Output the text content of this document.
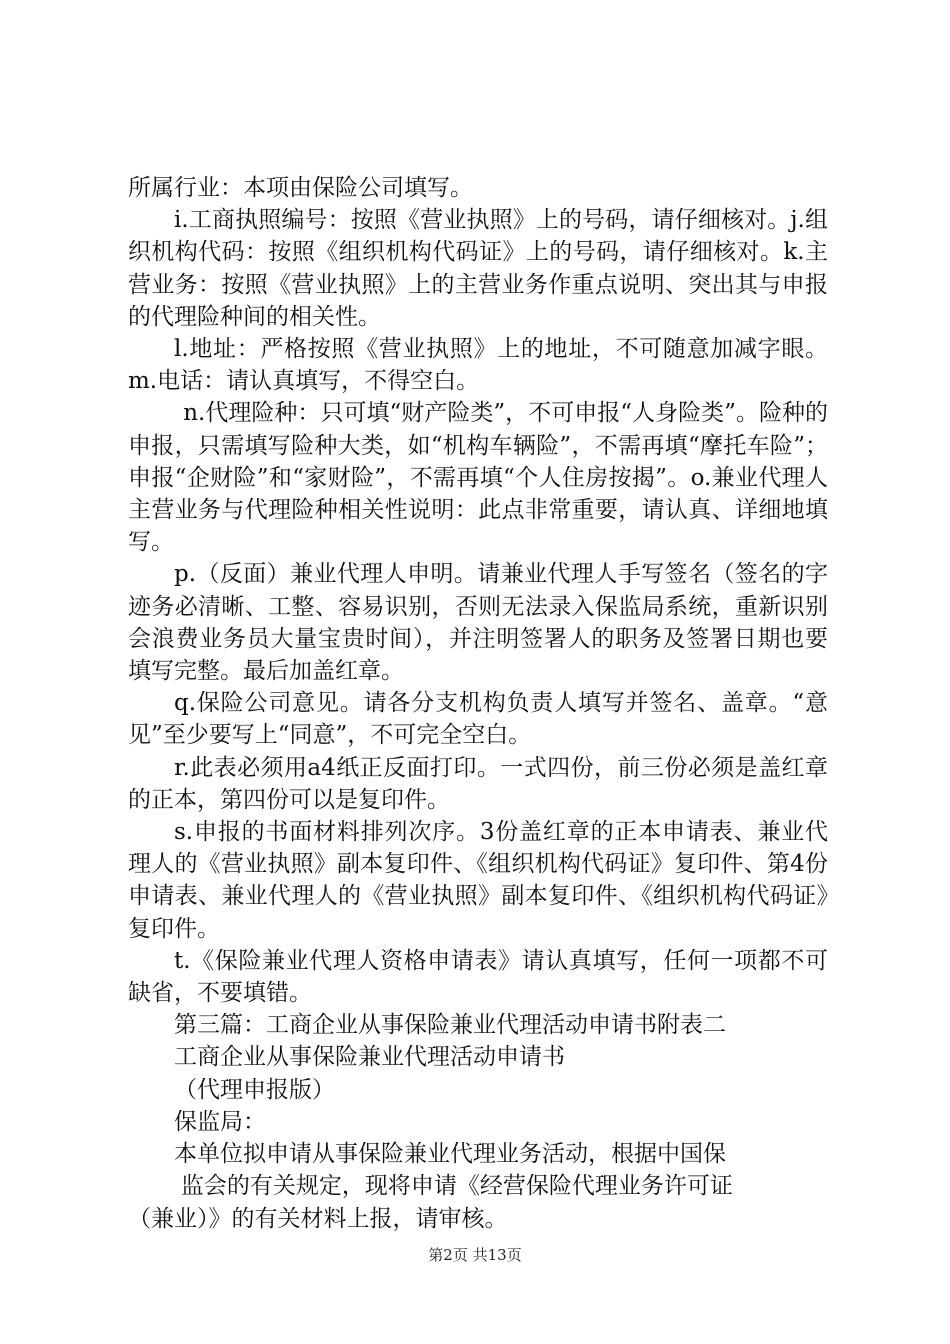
所属行业：本项由保险公司填写。

i.工商执照编号：按照《营业执照》上的号码，请仔细核对。j.组织机构代码：按照《组织机构代码证》上的号码，请仔细核对。k.主营业务：按照《营业执照》上的主营业务作重点说明、突出其与申报的代理险种间的相关性。

l.地址：严格按照《营业执照》上的地址，不可随意加减字眼。m.电话：请认真填写，不得空白。

n.代理险种：只可填“财产险类”，不可申报“人身险类”。险种的申报，只需填写险种大类，如“机构车辆险”，不需再填“摩托车险”；申报“企财险”和“家财险”，不需再填“个人住房按揭”。o.兼业代理人主营业务与代理险种相关性说明：此点非常重要，请认真、详细地填写。

p.（反面）兼业代理人申明。请兼业代理人手写签名（签名的字迹务必清晰、工整、容易识别，否则无法录入保监局系统，重新识别会浪费业务员大量宝贵时间），并注明签署人的职务及签署日期也要填写完整。最后加盖红章。

q.保险公司意见。请各分支机构负责人填写并签名、盖章。“意见”至少要写上“同意”，不可完全空白。

r.此表必须用a4纸正反面打印。一式四份，前三份必须是盖红章的正本，第四份可以是复印件。

s.申报的书面材料排列次序。3份盖红章的正本申请表、兼业代理人的《营业执照》副本复印件、《组织机构代码证》复印件、第4份申请表、兼业代理人的《营业执照》副本复印件、《组织机构代码证》复印件。

t.《保险兼业代理人资格申请表》请认真填写，任何一项都不可缺省，不要填错。

第三篇：工商企业从事保险兼业代理活动申请书附表二

工商企业从事保险兼业代理活动申请书

（代理申报版）

保监局：

本单位拟申请从事保险兼业代理业务活动，根据中国保

监会的有关规定，现将申请《经营保险代理业务许可证

（兼业）》的有关材料上报，请审核。

第2页 共13页
